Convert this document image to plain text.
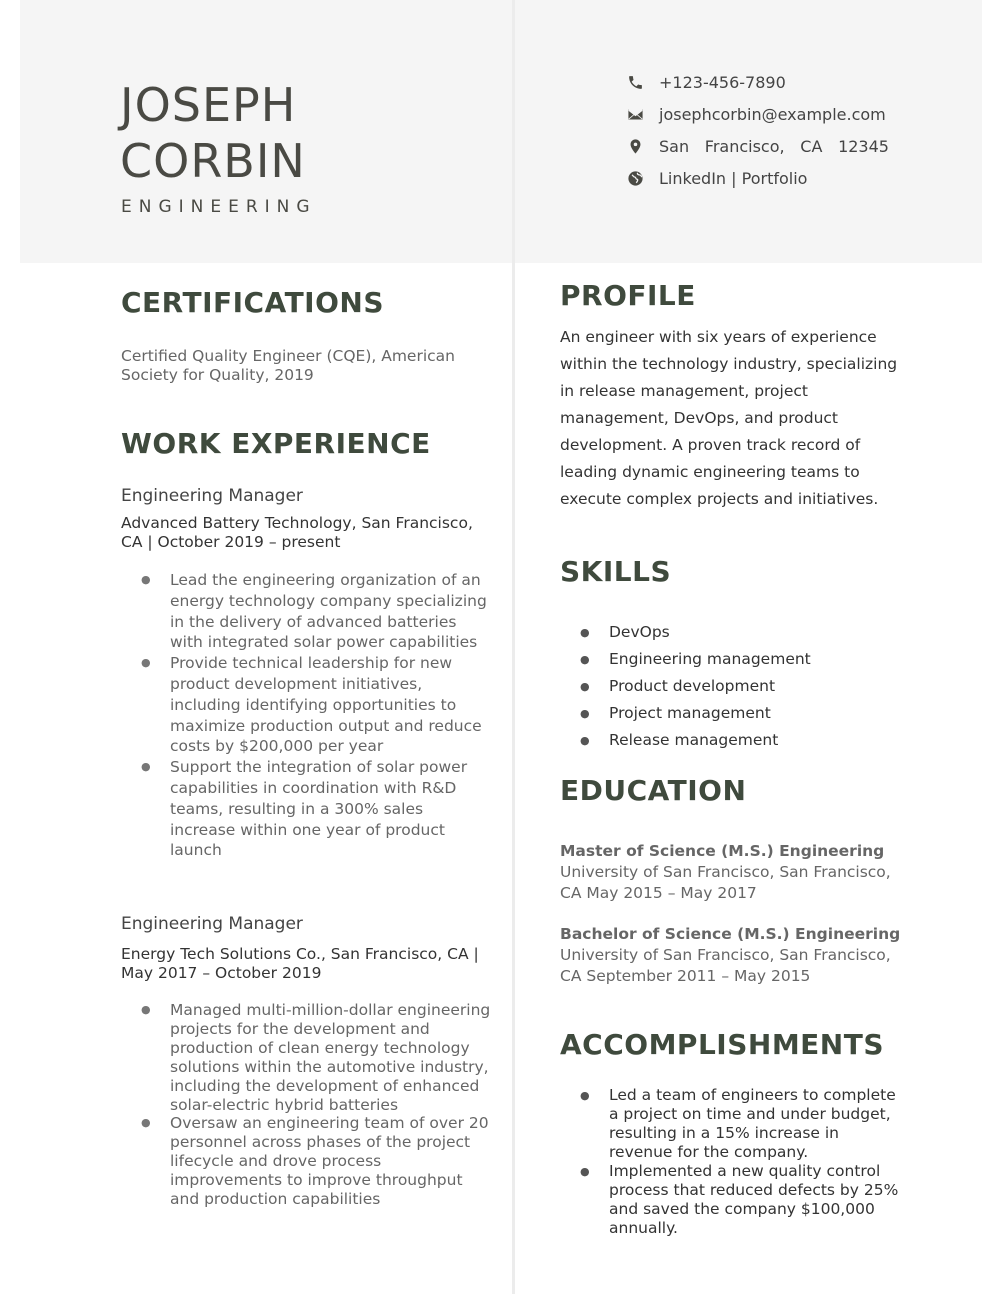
JOSEPH
CORBIN
ENGINEERING
+123-456-7890
josephcorbin@example.com
San Francisco, CA 12345
LinkedIn | Portfolio
CERTIFICATIONS
Certified Quality Engineer (CQE), American Society for Quality, 2019
WORK EXPERIENCE
Engineering Manager
Advanced Battery Technology, San Francisco, CA | October 2019 – present
● Lead the engineering organization of an energy technology company specializing in the delivery of advanced batteries with integrated solar power capabilities
● Provide technical leadership for new product development initiatives, including identifying opportunities to maximize production output and reduce costs by $200,000 per year
● Support the integration of solar power capabilities in coordination with R&D teams, resulting in a 300% sales increase within one year of product launch
Engineering Manager
Energy Tech Solutions Co., San Francisco, CA | May 2017 – October 2019
● Managed multi-million-dollar engineering projects for the development and production of clean energy technology solutions within the automotive industry, including the development of enhanced solar-electric hybrid batteries
● Oversaw an engineering team of over 20 personnel across phases of the project lifecycle and drove process improvements to improve throughput and production capabilities
PROFILE
An engineer with six years of experience within the technology industry, specializing in release management, project management, DevOps, and product development. A proven track record of leading dynamic engineering teams to execute complex projects and initiatives.
SKILLS
● DevOps
● Engineering management
● Product development
● Project management
● Release management
EDUCATION
Master of Science (M.S.) Engineering
University of San Francisco, San Francisco, CA May 2015 – May 2017
Bachelor of Science (M.S.) Engineering
University of San Francisco, San Francisco, CA September 2011 – May 2015
ACCOMPLISHMENTS
● Led a team of engineers to complete a project on time and under budget, resulting in a 15% increase in revenue for the company.
● Implemented a new quality control process that reduced defects by 25% and saved the company $100,000 annually.
